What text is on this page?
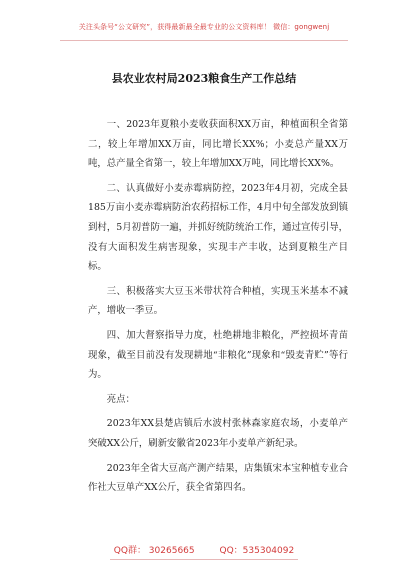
关注头条号“公文研究”，获得最新最全最专业的公文资料库！ 微信：gongwenj
县农业农村局2023粮食生产工作总结

一、2023年夏粮小麦收获面积XX万亩，种植面积全省第二，较上年增加XX万亩，同比增长XX%；小麦总产量XX万吨，总产量全省第一，较上年增加XX万吨，同比增长XX%。

二、认真做好小麦赤霉病防控，2023年4月初，完成全县185万亩小麦赤霉病防治农药招标工作，4月中旬全部发放到镇到村，5月初普防一遍，并抓好统防统治工作，通过宣传引导，没有大面积发生病害现象，实现丰产丰收，达到夏粮生产目标。

三、积极落实大豆玉米带状符合种植，实现玉米基本不减产，增收一季豆。

四、加大督察指导力度，杜绝耕地非粮化，严控损坏青苗现象，截至目前没有发现耕地“非粮化”现象和“毁麦青贮”等行为。

亮点：

2023年XX县楚店镇后水波村张林森家庭农场，小麦单产突破XX公斤，刷新安徽省2023年小麦单产新纪录。

2023年全省大豆高产测产结果，店集镇宋本宝种植专业合作社大豆单产XX公斤，获全省第四名。

QQ群： 30265665	QQ：535304092
